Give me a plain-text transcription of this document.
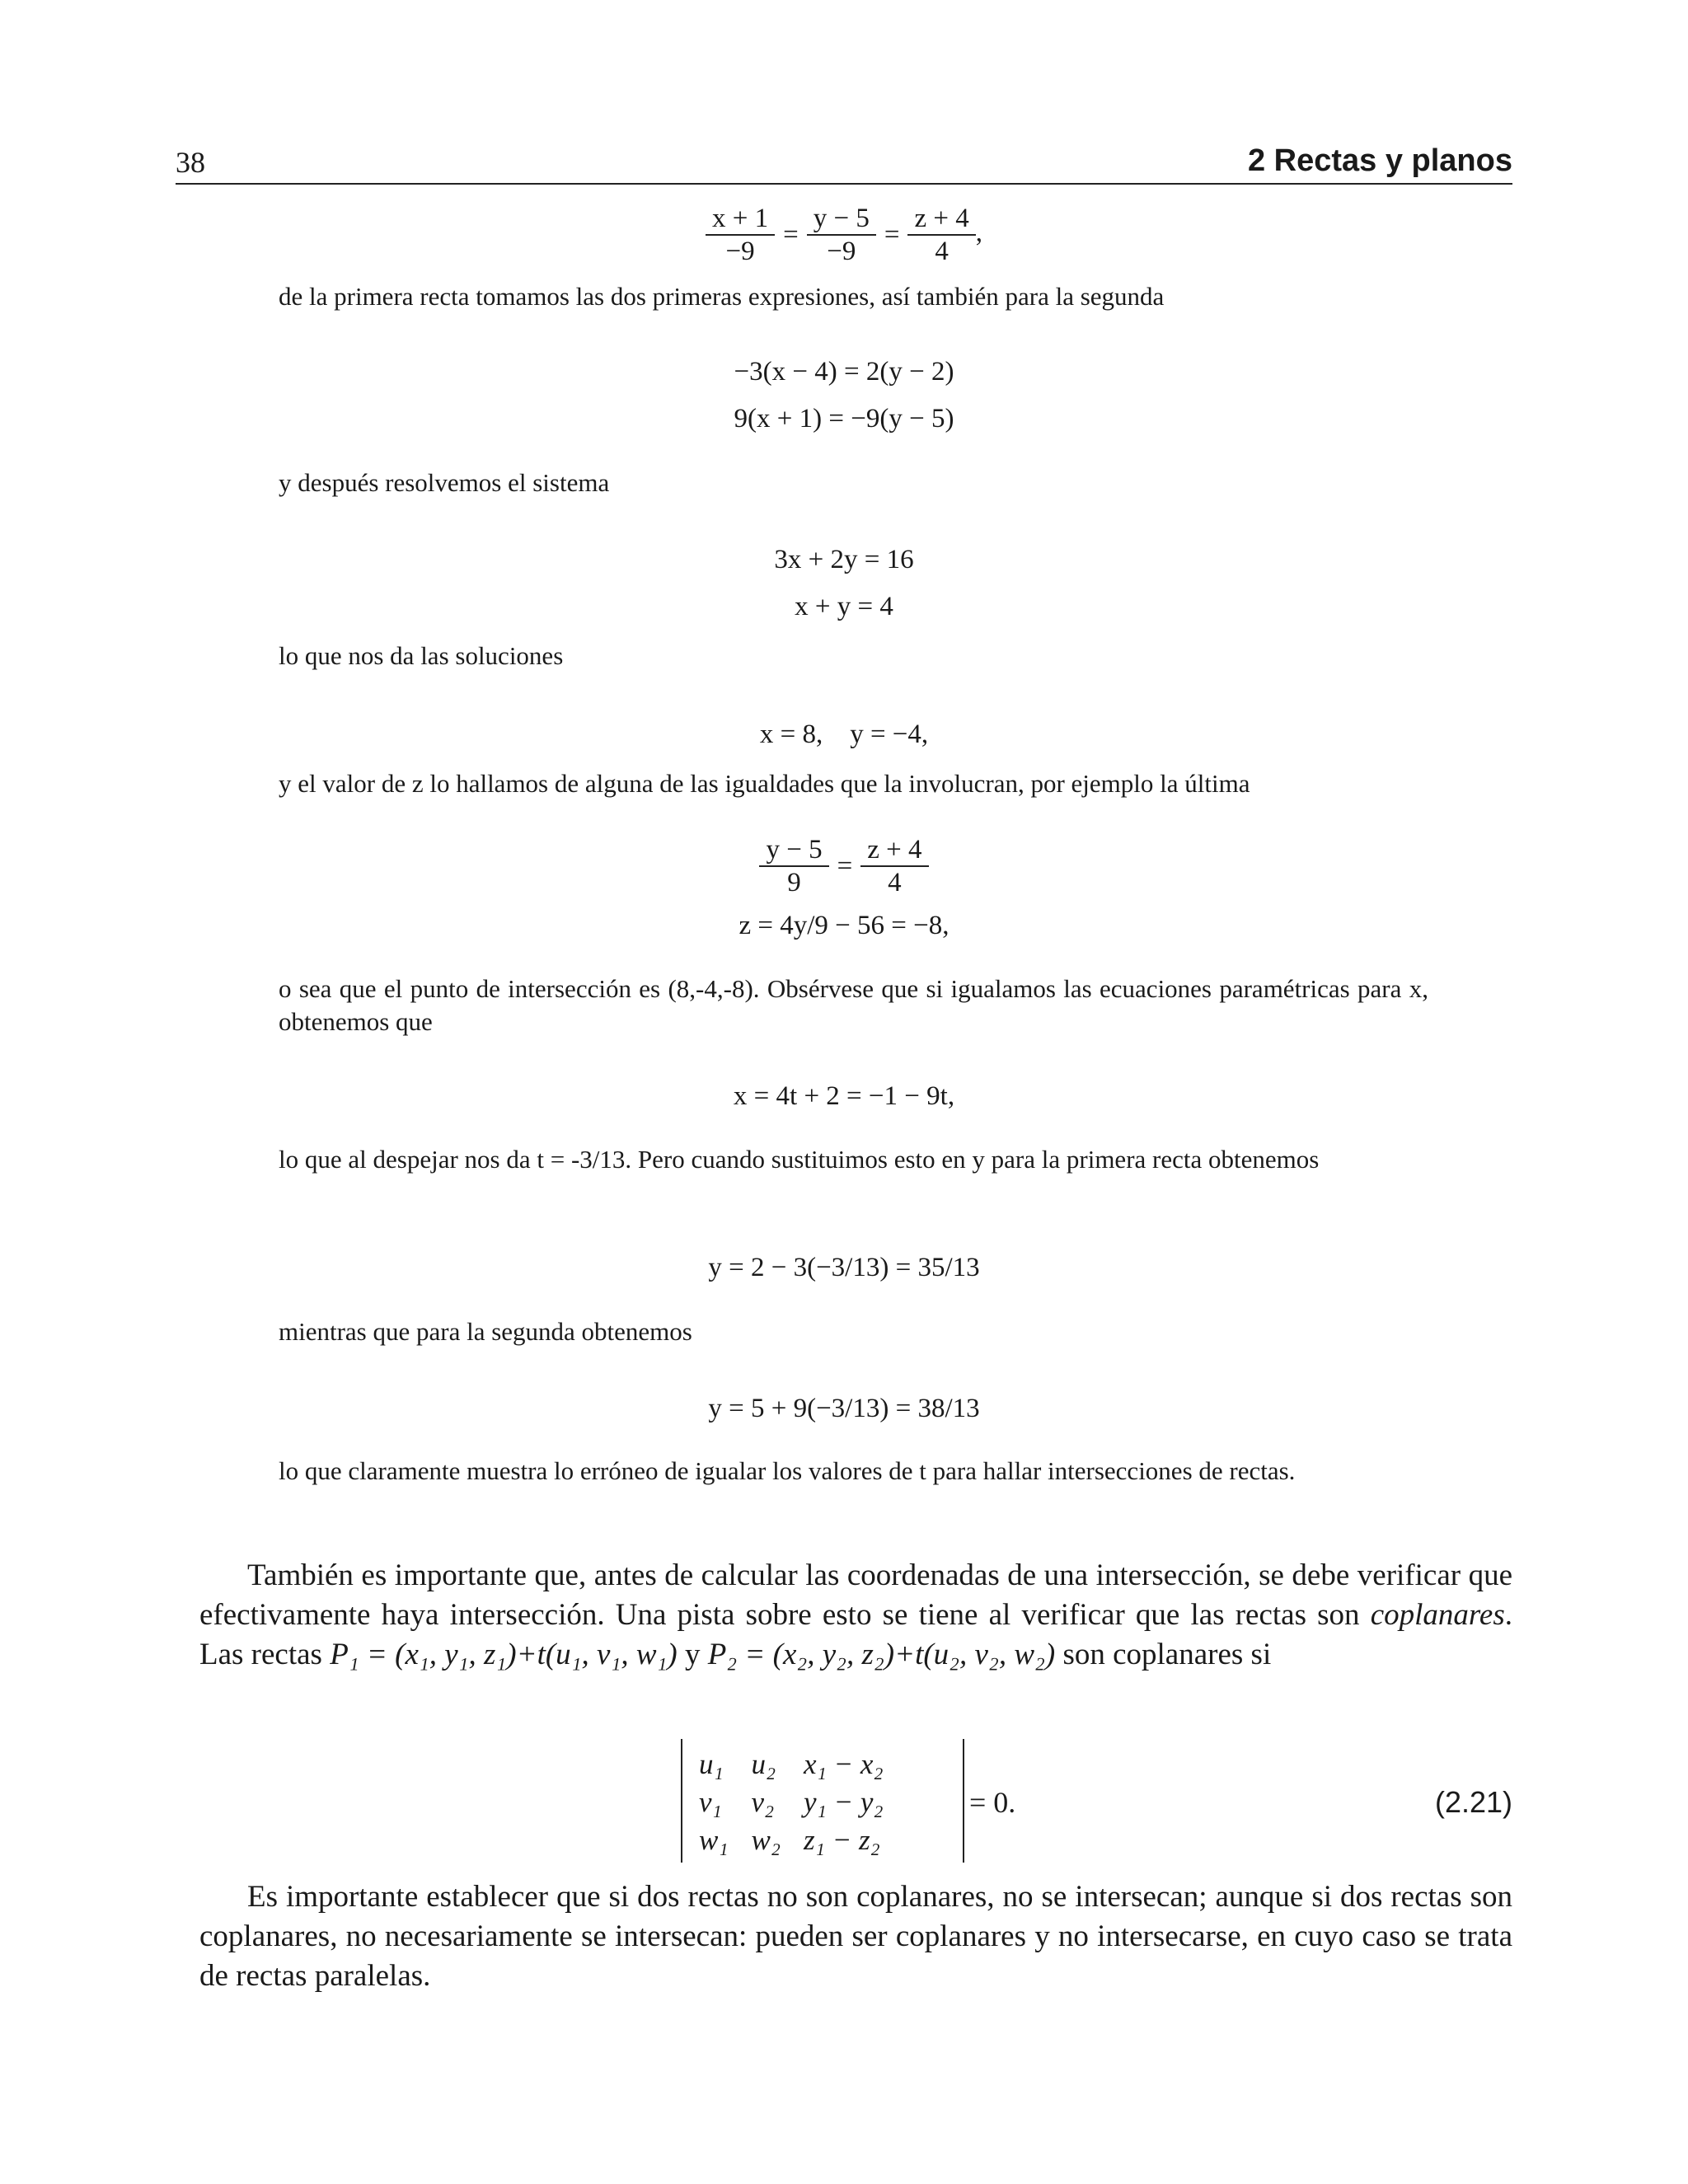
38	2 Rectas y planos
$\frac{x + 1}{-9} = \frac{y - 5}{-9} = \frac{z + 4}{4}$ ,
de la primera recta tomamos las dos primeras expresiones, así también para la segunda
−3(x − 4) = 2(y − 2)
9(x + 1) = −9(y − 5)
y después resolvemos el sistema
3x + 2y = 16
x + y = 4
lo que nos da las soluciones
x = 8,    y = −4,
y el valor de z lo hallamos de alguna de las igualdades que la involucran, por ejemplo la última
$\frac{y - 5}{9} = \frac{z + 4}{4}$
z = 4y/9 − 56 = −8,
o sea que el punto de intersección es (8,-4,-8). Obsérvese que si igualamos las ecuaciones paramétricas para x, obtenemos que
x = 4t + 2 = −1 − 9t,
lo que al despejar nos da t = -3/13. Pero cuando sustituimos esto en y para la primera recta obtenemos
y = 2 − 3(−3/13) = 35/13
mientras que para la segunda obtenemos
y = 5 + 9(−3/13) = 38/13
lo que claramente muestra lo erróneo de igualar los valores de t para hallar intersecciones de rectas.
También es importante que, antes de calcular las coordenadas de una intersección, se debe verificar que efectivamente haya intersección. Una pista sobre esto se tiene al verificar que las rectas son coplanares. Las rectas P₁ = (x₁, y₁, z₁)+t(u₁, v₁, w₁) y P₂ = (x₂, y₂, z₂)+t(u₂, v₂, w₂) son coplanares si
u₁	u₂	x₁ − x₂
v₁	v₂	y₁ − y₂
w₁	w₂	z₁ − z₂
= 0.	(2.21)
Es importante establecer que si dos rectas no son coplanares, no se intersecan; aunque si dos rectas son coplanares, no necesariamente se intersecan: pueden ser coplanares y no intersecarse, en cuyo caso se trata de rectas paralelas.
